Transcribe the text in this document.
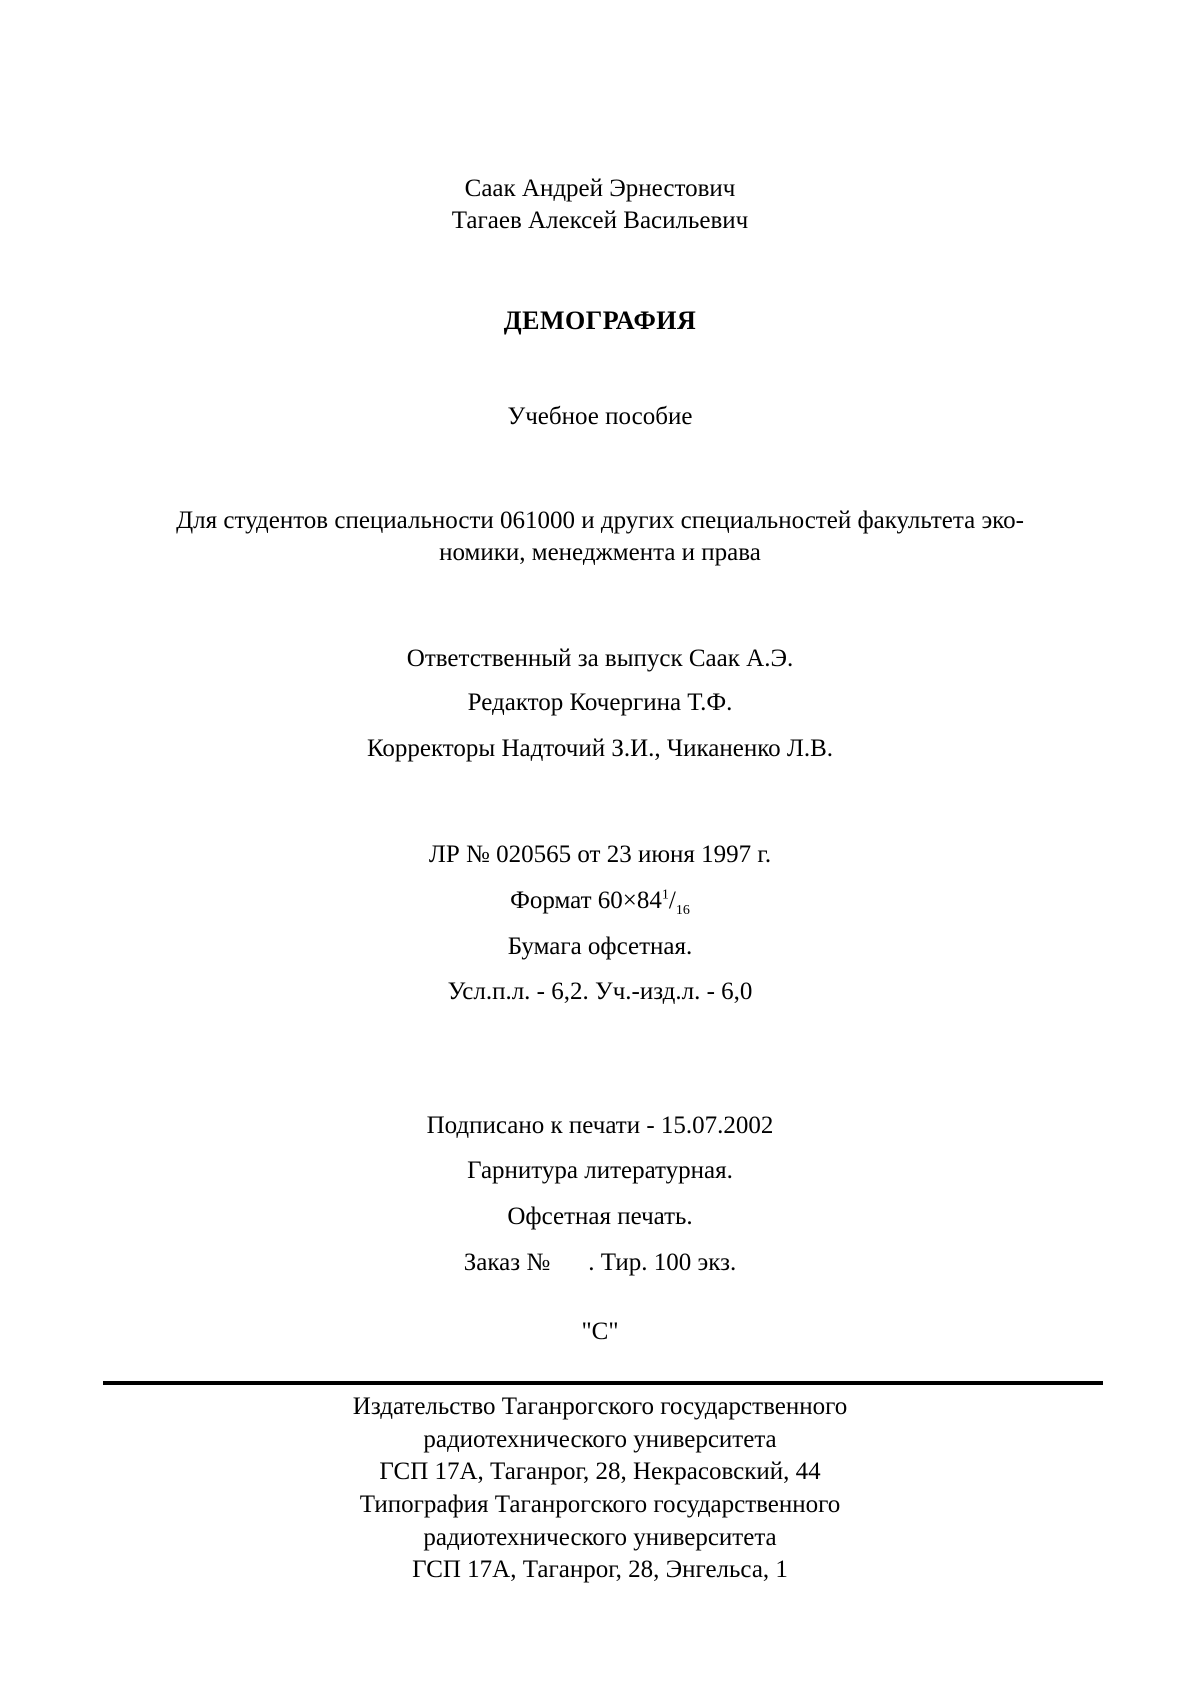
Саак Андрей Эрнестович
Тагаев Алексей Васильевич
ДЕМОГРАФИЯ
Учебное пособие
Для студентов специальности 061000 и других специальностей факультета эко-
номики, менеджмента и права
Ответственный за выпуск Саак А.Э.
Редактор Кочергина Т.Ф.
Корректоры Надточий З.И., Чиканенко Л.В.
ЛР № 020565 от 23 июня 1997 г.
Формат $60\times 84^1/_{16}$
Бумага офсетная.
Усл.п.л. - 6,2. Уч.-изд.л. - 6,0
Подписано к печати - 15.07.2002
Гарнитура литературная.
Офсетная печать.
Заказ № . Тир. 100 экз.
"С"
Издательство Таганрогского государственного
радиотехнического университета
ГСП 17А, Таганрог, 28, Некрасовский, 44
Типография Таганрогского государственного
радиотехнического университета
ГСП 17А, Таганрог, 28, Энгельса, 1
